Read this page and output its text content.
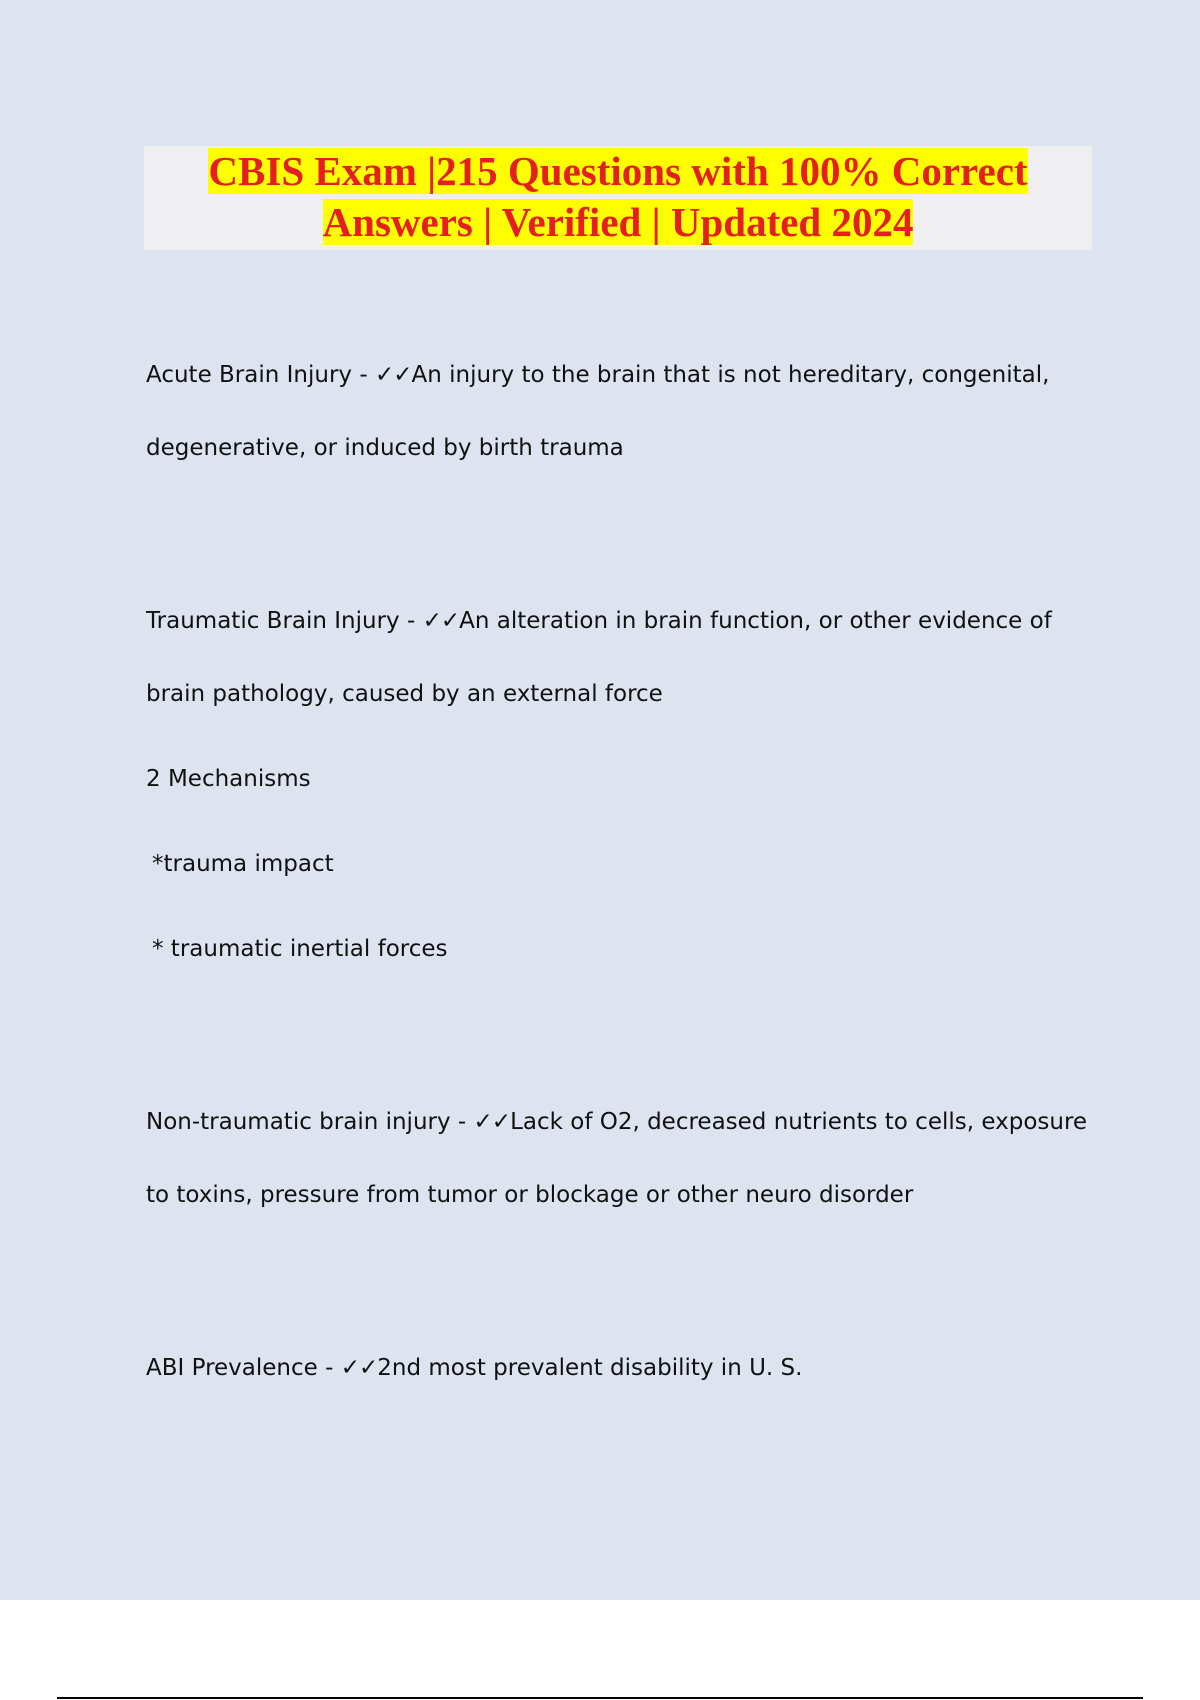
CBIS Exam |215 Questions with 100% Correct
Answers | Verified | Updated 2024
Acute Brain Injury - ✓✓An injury to the brain that is not hereditary, congenital,
degenerative, or induced by birth trauma
Traumatic Brain Injury - ✓✓An alteration in brain function, or other evidence of
brain pathology, caused by an external force
2 Mechanisms
*trauma impact
* traumatic inertial forces
Non-traumatic brain injury - ✓✓Lack of O2, decreased nutrients to cells, exposure
to toxins, pressure from tumor or blockage or other neuro disorder
ABI Prevalence - ✓✓2nd most prevalent disability in U. S.
